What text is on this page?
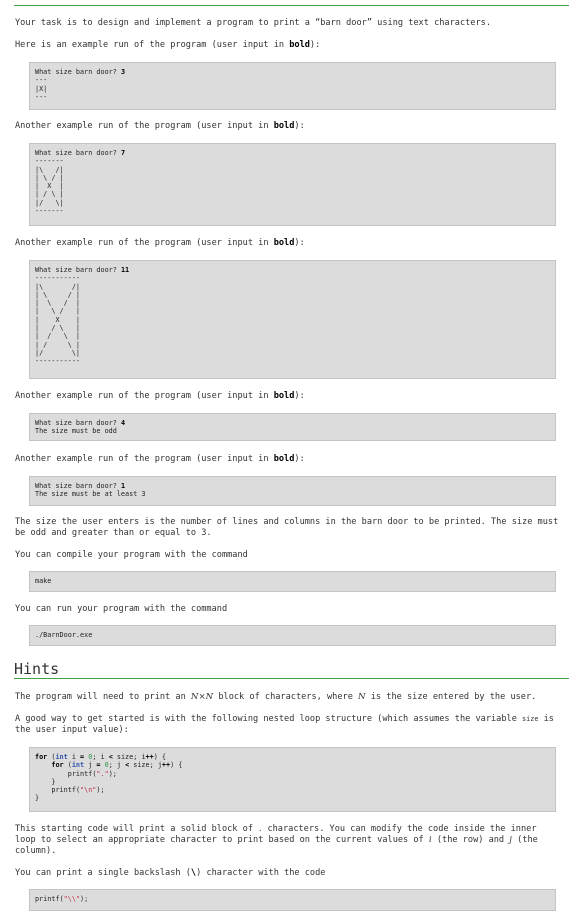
Your task is to design and implement a program to print a “barn door” using text characters.

Here is an example run of the program (user input in bold):

What size barn door? 3
---
|X|
---

Another example run of the program (user input in bold):

What size barn door? 7
-------
|\   /|
| \ / |
|  X  |
| / \ |
|/   \|
-------

Another example run of the program (user input in bold):

What size barn door? 11
-----------
|\       /|
| \     / |
|  \   /  |
|   \ /   |
|    X    |
|   / \   |
|  /   \  |
| /     \ |
|/       \|
-----------

Another example run of the program (user input in bold):

What size barn door? 4
The size must be odd

Another example run of the program (user input in bold):

What size barn door? 1
The size must be at least 3

The size the user enters is the number of lines and columns in the barn door to be printed. The size must be odd and greater than or equal to 3.

You can compile your program with the command

make

You can run your program with the command

./BarnDoor.exe
Hints

The program will need to print an N×N block of characters, where N is the size entered by the user.

A good way to get started is with the following nested loop structure (which assumes the variable size is the user input value):

for (int i = 0; i < size; i++) {
for (int j = 0; j < size; j++) {
printf(".");
}
printf("\n");
}

This starting code will print a solid block of . characters. You can modify the code inside the inner loop to select an appropriate character to print based on the current values of i (the row) and j (the column).

You can print a single backslash (\) character with the code

printf("\\");
